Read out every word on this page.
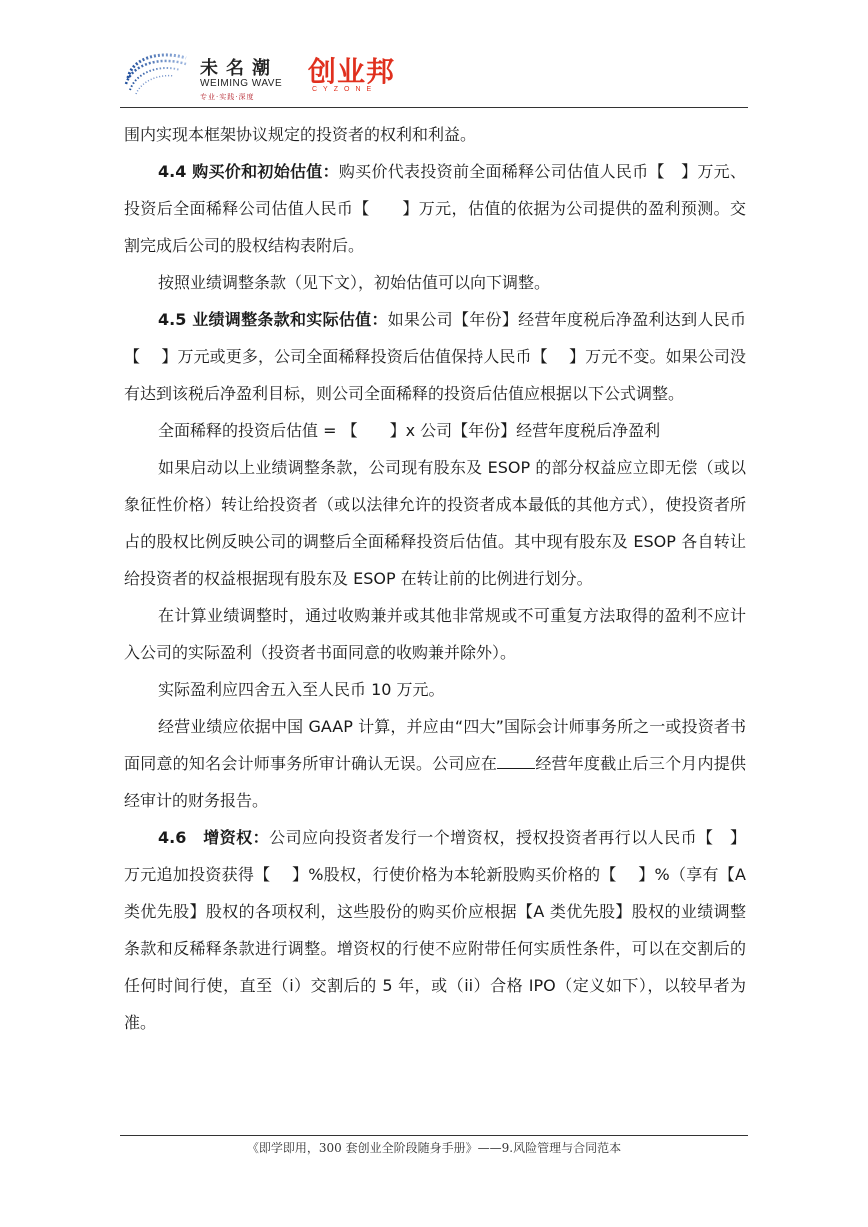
未名潮
WEIMING WAVE
专业·实践·深度
创业邦
CYZONE

围内实现本框架协议规定的投资者的权利和利益。

4.4 购买价和初始估值：购买价代表投资前全面稀释公司估值人民币【　】万元、投资后全面稀释公司估值人民币【　　】万元，估值的依据为公司提供的盈利预测。交割完成后公司的股权结构表附后。

按照业绩调整条款（见下文），初始估值可以向下调整。

4.5 业绩调整条款和实际估值：如果公司【年份】经营年度税后净盈利达到人民币【　 】万元或更多，公司全面稀释投资后估值保持人民币【　 】万元不变。如果公司没有达到该税后净盈利目标，则公司全面稀释的投资后估值应根据以下公式调整。

全面稀释的投资后估值 = 【　　】x 公司【年份】经营年度税后净盈利

如果启动以上业绩调整条款，公司现有股东及 ESOP 的部分权益应立即无偿（或以象征性价格）转让给投资者（或以法律允许的投资者成本最低的其他方式），使投资者所占的股权比例反映公司的调整后全面稀释投资后估值。其中现有股东及 ESOP 各自转让给投资者的权益根据现有股东及 ESOP 在转让前的比例进行划分。

在计算业绩调整时，通过收购兼并或其他非常规或不可重复方法取得的盈利不应计入公司的实际盈利（投资者书面同意的收购兼并除外）。

实际盈利应四舍五入至人民币 10 万元。

经营业绩应依据中国 GAAP 计算，并应由“四大”国际会计师事务所之一或投资者书面同意的知名会计师事务所审计确认无误。公司应在 经营年度截止后三个月内提供经审计的财务报告。

4.6　增资权：公司应向投资者发行一个增资权，授权投资者再行以人民币【　】万元追加投资获得【　 】%股权，行使价格为本轮新股购买价格的【　 】%（享有【A 类优先股】股权的各项权利，这些股份的购买价应根据【A 类优先股】股权的业绩调整条款和反稀释条款进行调整。增资权的行使不应附带任何实质性条件，可以在交割后的任何时间行使，直至（i）交割后的 5 年，或（ii）合格 IPO（定义如下），以较早者为准。

《即学即用，300 套创业全阶段随身手册》——9.风险管理与合同范本
